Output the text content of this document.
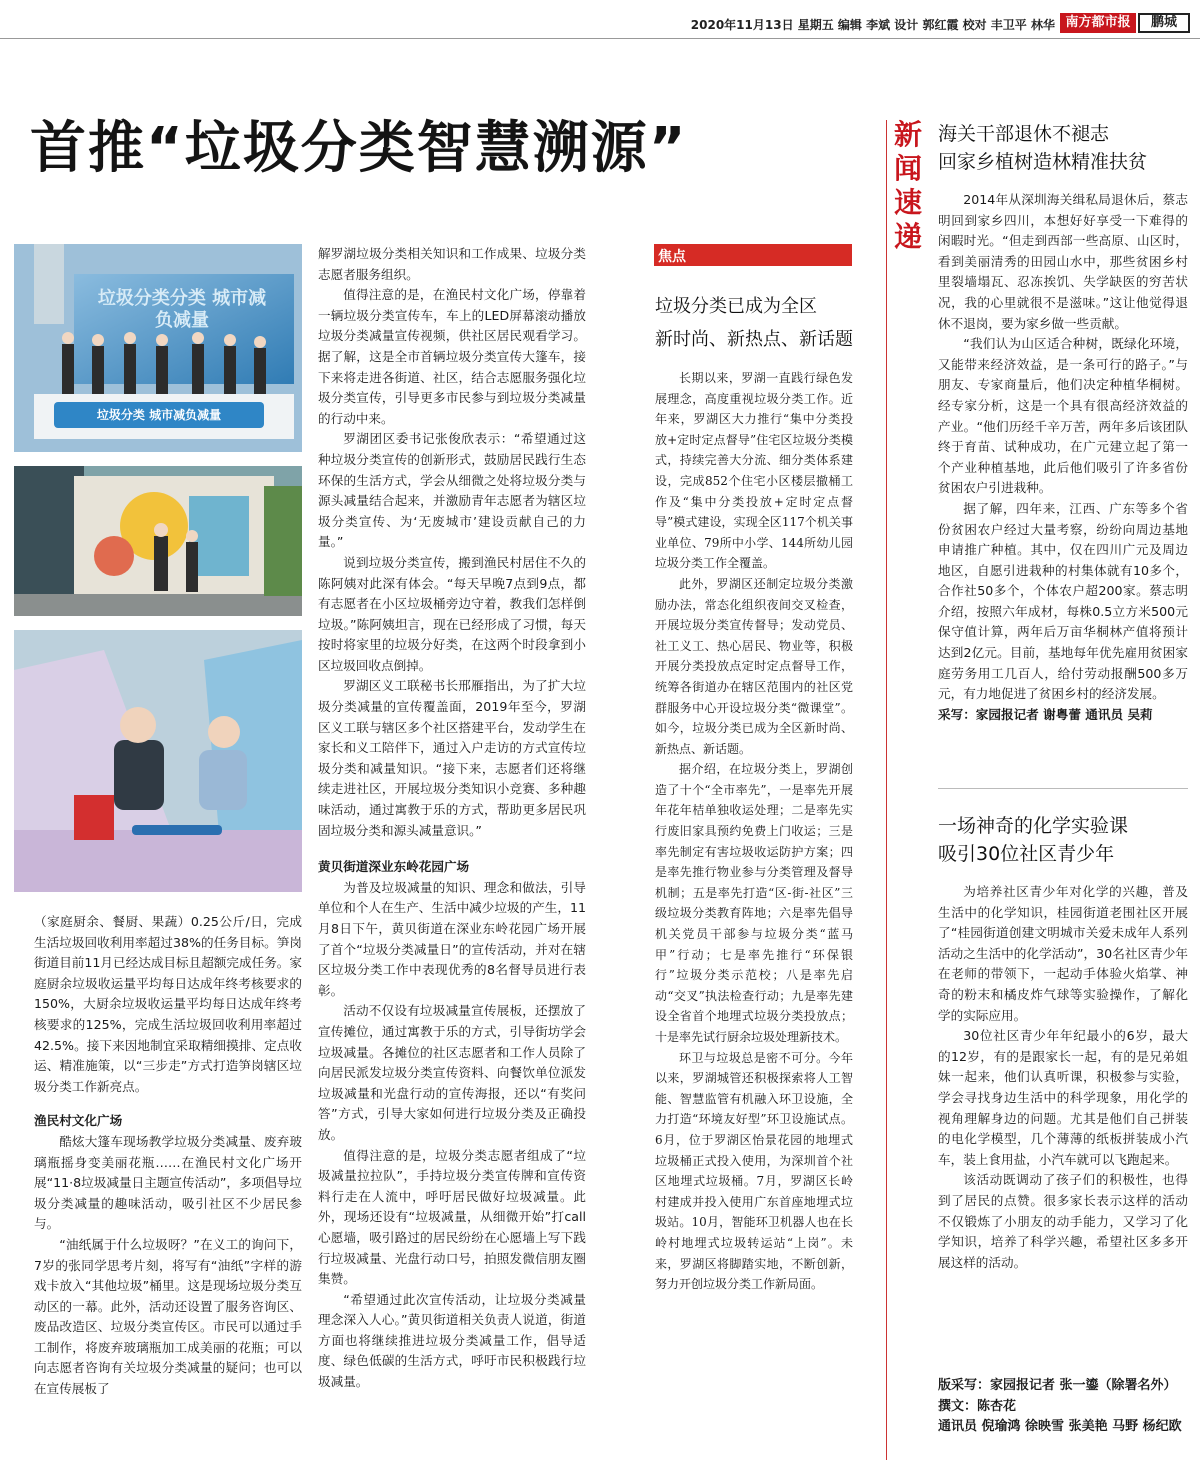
2020年11月13日 星期五 编辑 李斌 设计 郭红霞 校对 丰卫平 林华 南方都市报	鹏城
首推“垃圾分类智慧溯源”
垃圾分类分类 城市减负减量
垃圾分类 城市减负减量

（家庭厨余、餐厨、果蔬）0.25公斤/日，完成生活垃圾回收利用率超过38%的任务目标。笋岗街道目前11月已经达成目标且超额完成任务。家庭厨余垃圾收运量平均每日达成年终考核要求的150%，大厨余垃圾收运量平均每日达成年终考核要求的125%，完成生活垃圾回收利用率超过42.5%。接下来因地制宜采取精细摸排、定点收运、精准施策，以“三步走”方式打造笋岗辖区垃圾分类工作新亮点。

渔民村文化广场

酷炫大篷车现场教学垃圾分类减量、废弃玻璃瓶摇身变美丽花瓶……在渔民村文化广场开展“11·8垃圾减量日主题宣传活动”，多项倡导垃圾分类减量的趣味活动，吸引社区不少居民参与。

“油纸属于什么垃圾呀？”在义工的询问下，7岁的张同学思考片刻，将写有“油纸”字样的游戏卡放入“其他垃圾”桶里。这是现场垃圾分类互动区的一幕。此外，活动还设置了服务咨询区、废品改造区、垃圾分类宣传区。市民可以通过手工制作，将废弃玻璃瓶加工成美丽的花瓶；可以向志愿者咨询有关垃圾分类减量的疑问；也可以在宣传展板了

解罗湖垃圾分类相关知识和工作成果、垃圾分类志愿者服务组织。

值得注意的是，在渔民村文化广场，停靠着一辆垃圾分类宣传车，车上的LED屏幕滚动播放垃圾分类减量宣传视频，供社区居民观看学习。据了解，这是全市首辆垃圾分类宣传大篷车，接下来将走进各街道、社区，结合志愿服务强化垃圾分类宣传，引导更多市民参与到垃圾分类减量的行动中来。

罗湖团区委书记张俊欣表示：“希望通过这种垃圾分类宣传的创新形式，鼓励居民践行生态环保的生活方式，学会从细微之处将垃圾分类与源头减量结合起来，并激励青年志愿者为辖区垃圾分类宣传、为‘无废城市’建设贡献自己的力量。”

说到垃圾分类宣传，搬到渔民村居住不久的陈阿姨对此深有体会。“每天早晚7点到9点，都有志愿者在小区垃圾桶旁边守着，教我们怎样倒垃圾。”陈阿姨坦言，现在已经形成了习惯，每天按时将家里的垃圾分好类，在这两个时段拿到小区垃圾回收点倒掉。

罗湖区义工联秘书长邢雁指出，为了扩大垃圾分类减量的宣传覆盖面，2019年至今，罗湖区义工联与辖区多个社区搭建平台，发动学生在家长和义工陪伴下，通过入户走访的方式宣传垃圾分类和减量知识。“接下来，志愿者们还将继续走进社区，开展垃圾分类知识小竞赛、多种趣味活动，通过寓教于乐的方式，帮助更多居民巩固垃圾分类和源头减量意识。”

黄贝街道深业东岭花园广场

为普及垃圾减量的知识、理念和做法，引导单位和个人在生产、生活中减少垃圾的产生，11月8日下午，黄贝街道在深业东岭花园广场开展了首个“垃圾分类减量日”的宣传活动，并对在辖区垃圾分类工作中表现优秀的8名督导员进行表彰。

活动不仅设有垃圾减量宣传展板，还摆放了宣传摊位，通过寓教于乐的方式，引导街坊学会垃圾减量。各摊位的社区志愿者和工作人员除了向居民派发垃圾分类宣传资料、向餐饮单位派发垃圾减量和光盘行动的宣传海报，还以“有奖问答”方式，引导大家如何进行垃圾分类及正确投放。

值得注意的是，垃圾分类志愿者组成了“垃圾减量拉拉队”，手持垃圾分类宣传牌和宣传资料行走在人流中，呼吁居民做好垃圾减量。此外，现场还设有“垃圾减量，从细微开始”打call心愿墙，吸引路过的居民纷纷在心愿墙上写下践行垃圾减量、光盘行动口号，拍照发微信朋友圈集赞。

“希望通过此次宣传活动，让垃圾分类减量理念深入人心。”黄贝街道相关负责人说道，街道方面也将继续推进垃圾分类减量工作，倡导适度、绿色低碳的生活方式，呼吁市民积极践行垃圾减量。

焦点
垃圾分类已成为全区
新时尚、新热点、新话题

长期以来，罗湖一直践行绿色发展理念，高度重视垃圾分类工作。近年来，罗湖区大力推行“集中分类投放+定时定点督导”住宅区垃圾分类模式，持续完善大分流、细分类体系建设，完成852个住宅小区楼层撤桶工作及“集中分类投放+定时定点督导”模式建设，实现全区117个机关事业单位、79所中小学、144所幼儿园垃圾分类工作全覆盖。

此外，罗湖区还制定垃圾分类激励办法，常态化组织夜间交叉检查，开展垃圾分类宣传督导；发动党员、社工义工、热心居民、物业等，积极开展分类投放点定时定点督导工作，统筹各街道办在辖区范围内的社区党群服务中心开设垃圾分类“微课堂”。如今，垃圾分类已成为全区新时尚、新热点、新话题。

据介绍，在垃圾分类上，罗湖创造了十个“全市率先”，一是率先开展年花年桔单独收运处理；二是率先实行废旧家具预约免费上门收运；三是率先制定有害垃圾收运防护方案；四是率先推行物业参与分类管理及督导机制；五是率先打造“区-街-社区”三级垃圾分类教育阵地；六是率先倡导机关党员干部参与垃圾分类“蓝马甲”行动；七是率先推行“环保银行”垃圾分类示范校；八是率先启动“交叉”执法检查行动；九是率先建设全省首个地埋式垃圾分类投放点；十是率先试行厨余垃圾处理新技术。

环卫与垃圾总是密不可分。今年以来，罗湖城管还积极探索将人工智能、智慧监管有机融入环卫设施，全力打造“环境友好型”环卫设施试点。6月，位于罗湖区怡景花园的地埋式垃圾桶正式投入使用，为深圳首个社区地埋式垃圾桶。7月，罗湖区长岭村建成并投入使用广东首座地埋式垃圾站。10月，智能环卫机器人也在长岭村地埋式垃圾转运站“上岗”。未来，罗湖区将脚踏实地，不断创新，努力开创垃圾分类工作新局面。

新闻速递
海关干部退休不褪志
回家乡植树造林精准扶贫

2014年从深圳海关缉私局退休后，蔡志明回到家乡四川，本想好好享受一下难得的闲暇时光。“但走到西部一些高原、山区时，看到美丽清秀的田园山水中，那些贫困乡村里裂墙塌瓦、忍冻挨饥、失学缺医的穷苦状况，我的心里就很不是滋味。”这让他觉得退休不退岗，要为家乡做一些贡献。

“我们认为山区适合种树，既绿化环境，又能带来经济效益，是一条可行的路子。”与朋友、专家商量后，他们决定种植华桐树。经专家分析，这是一个具有很高经济效益的产业。“他们历经千辛万苦，两年多后该团队终于育苗、试种成功，在广元建立起了第一个产业种植基地，此后他们吸引了许多省份贫困农户引进栽种。

据了解，四年来，江西、广东等多个省份贫困农户经过大量考察，纷纷向周边基地申请推广种植。其中，仅在四川广元及周边地区，自愿引进栽种的村集体就有10多个，合作社50多个，个体农户超200家。蔡志明介绍，按照六年成材，每株0.5立方米500元保守值计算，两年后万亩华桐林产值将预计达到2亿元。目前，基地每年优先雇用贫困家庭劳务用工几百人，给付劳动报酬500多万元，有力地促进了贫困乡村的经济发展。

采写：家园报记者 谢粤蕾 通讯员 吴莉
一场神奇的化学实验课
吸引30位社区青少年

为培养社区青少年对化学的兴趣，普及生活中的化学知识，桂园街道老围社区开展了“桂园街道创建文明城市关爱未成年人系列活动之生活中的化学活动”，30名社区青少年在老师的带领下，一起动手体验火焰掌、神奇的粉末和橘皮炸气球等实验操作，了解化学的实际应用。

30位社区青少年年纪最小的6岁，最大的12岁，有的是跟家长一起，有的是兄弟姐妹一起来，他们认真听课，积极参与实验，学会寻找身边生活中的科学现象，用化学的视角理解身边的问题。尤其是他们自己拼装的电化学模型，几个薄薄的纸板拼装成小汽车，装上食用盐，小汽车就可以飞跑起来。

该活动既调动了孩子们的积极性，也得到了居民的点赞。很多家长表示这样的活动不仅锻炼了小朋友的动手能力，又学习了化学知识，培养了科学兴趣，希望社区多多开展这样的活动。

版采写：家园报记者 张一鎏（除署名外）
撰文：陈杏花
通讯员 倪瑜鸿 徐映雪 张美艳 马野 杨纪欧
